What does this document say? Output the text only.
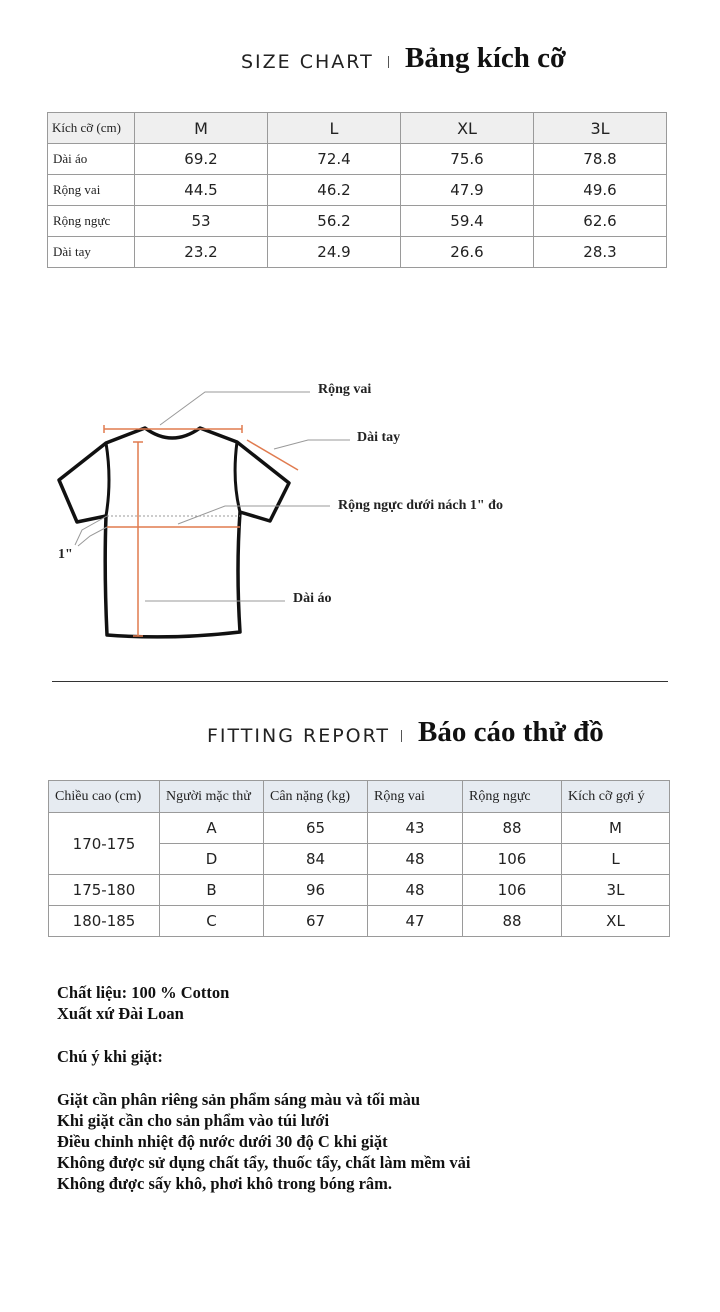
SIZE CHART Bảng kích cỡ
Kích cỡ (cm)	M	L	XL	3L
Dài áo	69.2	72.4	75.6	78.8
Rộng vai	44.5	46.2	47.9	49.6
Rộng ngực	53	56.2	59.4	62.6
Dài tay	23.2	24.9	26.6	28.3
Rộng vai
Dài tay
Rộng ngực dưới nách 1" đo
1"
Dài áo
FITTING REPORT Báo cáo thử đồ
Chiều cao (cm)	Người mặc thử	Cân nặng (kg)	Rộng vai	Rộng ngực	Kích cỡ gợi ý
170-175	A	65	43	88	M
	D	84	48	106	L
175-180	B	96	48	106	3L
180-185	C	67	47	88	XL
Chất liệu: 100 % Cotton
Xuất xứ Đài Loan
Chú ý khi giặt:
Giặt cần phân riêng sản phẩm sáng màu và tối màu
Khi giặt cần cho sản phẩm vào túi lưới
Điều chỉnh nhiệt độ nước dưới 30 độ C khi giặt
Không được sử dụng chất tẩy, thuốc tẩy, chất làm mềm vải
Không được sấy khô, phơi khô trong bóng râm.
